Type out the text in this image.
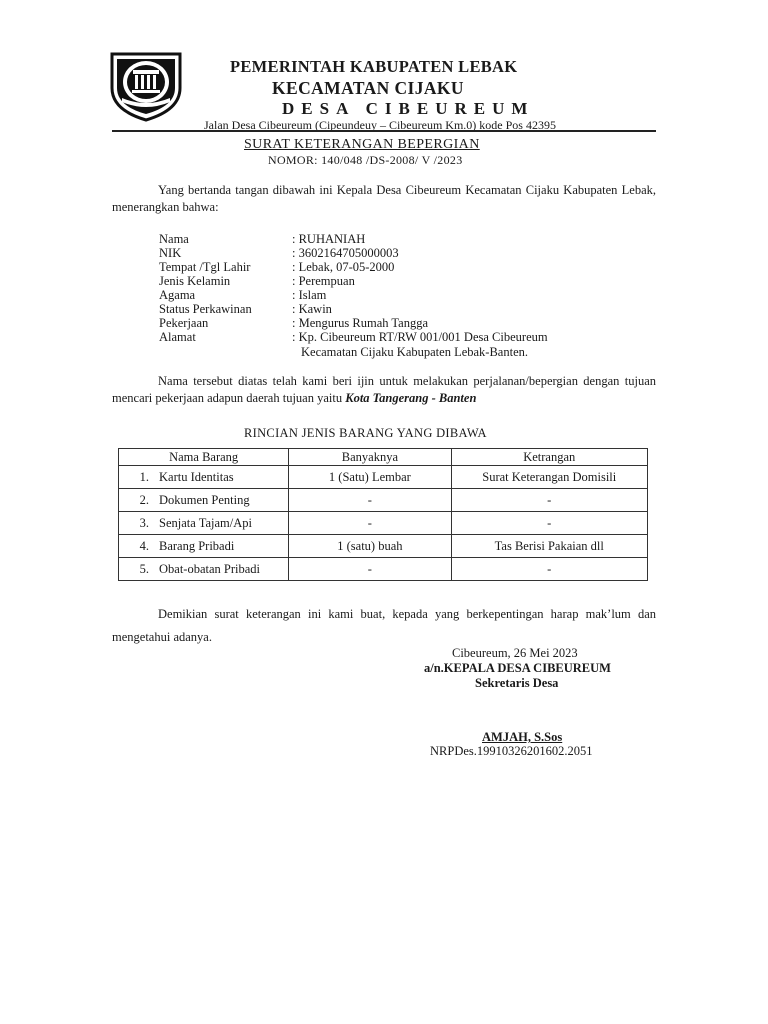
PEMERINTAH KABUPATEN LEBAK
KECAMATAN CIJAKU
DESA CIBEUREUM
Jalan Desa Cibeureum (Cipeundeuy – Cibeureum Km.0) kode Pos 42395
SURAT KETERANGAN BEPERGIAN
NOMOR: 140/048 /DS-2008/ V /2023
Yang bertanda tangan dibawah ini Kepala Desa Cibeureum Kecamatan Cijaku Kabupaten Lebak, menerangkan bahwa:
Nama	: RUHANIAH
NIK	: 3602164705000003
Tempat /Tgl Lahir	: Lebak, 07-05-2000
Jenis Kelamin	: Perempuan
Agama	: Islam
Status Perkawinan	: Kawin
Pekerjaan	: Mengurus Rumah Tangga
Alamat	: Kp. Cibeureum RT/RW 001/001 Desa Cibeureum
Kecamatan Cijaku Kabupaten Lebak-Banten.
Nama tersebut diatas telah kami beri ijin untuk melakukan perjalanan/bepergian dengan tujuan mencari pekerjaan adapun daerah tujuan yaitu Kota Tangerang - Banten
RINCIAN JENIS BARANG YANG DIBAWA
Nama Barang	Banyaknya	Ketrangan
1. Kartu Identitas	1 (Satu) Lembar	Surat Keterangan Domisili
2. Dokumen Penting	-	-
3. Senjata Tajam/Api	-	-
4. Barang Pribadi	1 (satu) buah	Tas Berisi Pakaian dll
5. Obat-obatan Pribadi	-	-
Demikian surat keterangan ini kami buat, kepada yang berkepentingan harap mak’lum dan mengetahui adanya.
Cibeureum, 26 Mei 2023
a/n.KEPALA DESA CIBEUREUM
Sekretaris Desa
AMJAH, S.Sos
NRPDes.19910326201602.2051
